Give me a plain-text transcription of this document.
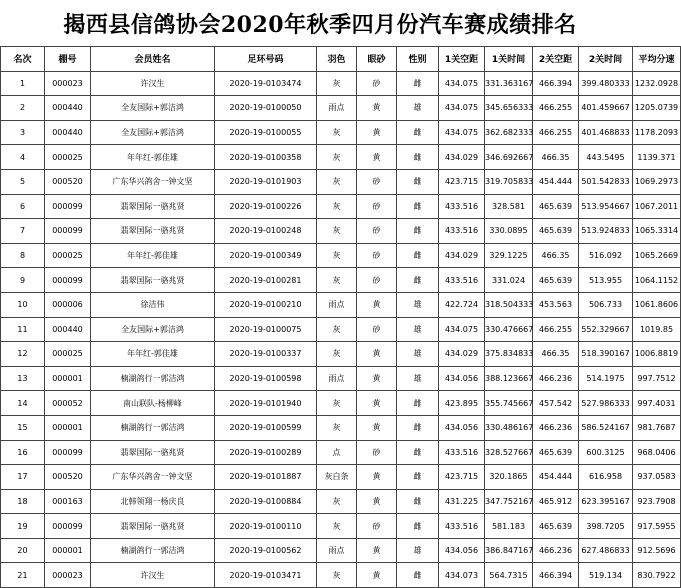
揭西县信鸽协会2020年秋季四月份汽车赛成绩排名
名次	棚号	会员姓名	足环号码	羽色	眼砂	性别	1关空距	1关时间	2关空距	2关时间	平均分速
1	000023	许汉生	2020-19-0103474	灰	砂	雌	434.075	331.363167	466.394	399.480333	1232.0928
2	000440	全友国际+郭洁鸿	2020-19-0100050	雨点	黄	雄	434.075	345.656333	466.255	401.459667	1205.0739
3	000440	全友国际+郭洁鸿	2020-19-0100055	灰	黄	雌	434.075	362.682333	466.255	401.468833	1178.2093
4	000025	年年红-郭佳雄	2020-19-0100358	灰	黄	雌	434.029	346.692667	466.35	443.5495	1139.371
5	000520	广东华兴鸽舍一钟文坚	2020-19-0101903	灰	砂	雌	423.715	319.705833	454.444	501.542833	1069.2973
6	000099	翡翠国际一骆兆贤	2020-19-0100226	灰	砂	雌	433.516	328.581	465.639	513.954667	1067.2011
7	000099	翡翠国际一骆兆贤	2020-19-0100248	灰	砂	雌	433.516	330.0895	465.639	513.924833	1065.3314
8	000025	年年红-郭佳雄	2020-19-0100349	灰	砂	雌	434.029	329.1225	466.35	516.092	1065.2669
9	000099	翡翠国际一骆兆贤	2020-19-0100281	灰	砂	雌	433.516	331.024	465.639	513.955	1064.1152
10	000006	徐洁伟	2020-19-0100210	雨点	黄	雄	422.724	318.504333	453.563	506.733	1061.8606
11	000440	全友国际+郭洁鸿	2020-19-0100075	灰	砂	雄	434.075	330.476667	466.255	552.329667	1019.85
12	000025	年年红-郭佳雄	2020-19-0100337	灰	黄	雄	434.029	375.834833	466.35	518.390167	1006.8819
13	000001	楠湖鸽行一郭洁鸿	2020-19-0100598	雨点	黄	雄	434.056	388.123667	466.236	514.1975	997.7512
14	000052	南山联队-杨柳峰	2020-19-0101940	灰	黄	雌	423.895	355.745667	457.542	527.986333	997.4031
15	000001	楠湖鸽行一郭洁鸿	2020-19-0100599	灰	黄	雌	434.056	330.486167	466.236	586.524167	981.7687
16	000099	翡翠国际一骆兆贤	2020-19-0100289	点	砂	雌	433.516	328.527667	465.639	600.3125	968.0406
17	000520	广东华兴鸽舍一钟文坚	2020-19-0101887	灰白条	黄	雌	423.715	320.1865	454.444	616.958	937.0583
18	000163	北韩领翔一杨庆良	2020-19-0100884	灰	黄	雌	431.225	347.752167	465.912	623.395167	923.7908
19	000099	翡翠国际一骆兆贤	2020-19-0100110	灰	砂	雌	433.516	581.183	465.639	398.7205	917.5955
20	000001	楠湖鸽行一郭洁鸿	2020-19-0100562	雨点	黄	雄	434.056	386.847167	466.236	627.486833	912.5696
21	000023	许汉生	2020-19-0103471	灰	黄	雌	434.073	564.7315	466.394	519.134	830.7922
